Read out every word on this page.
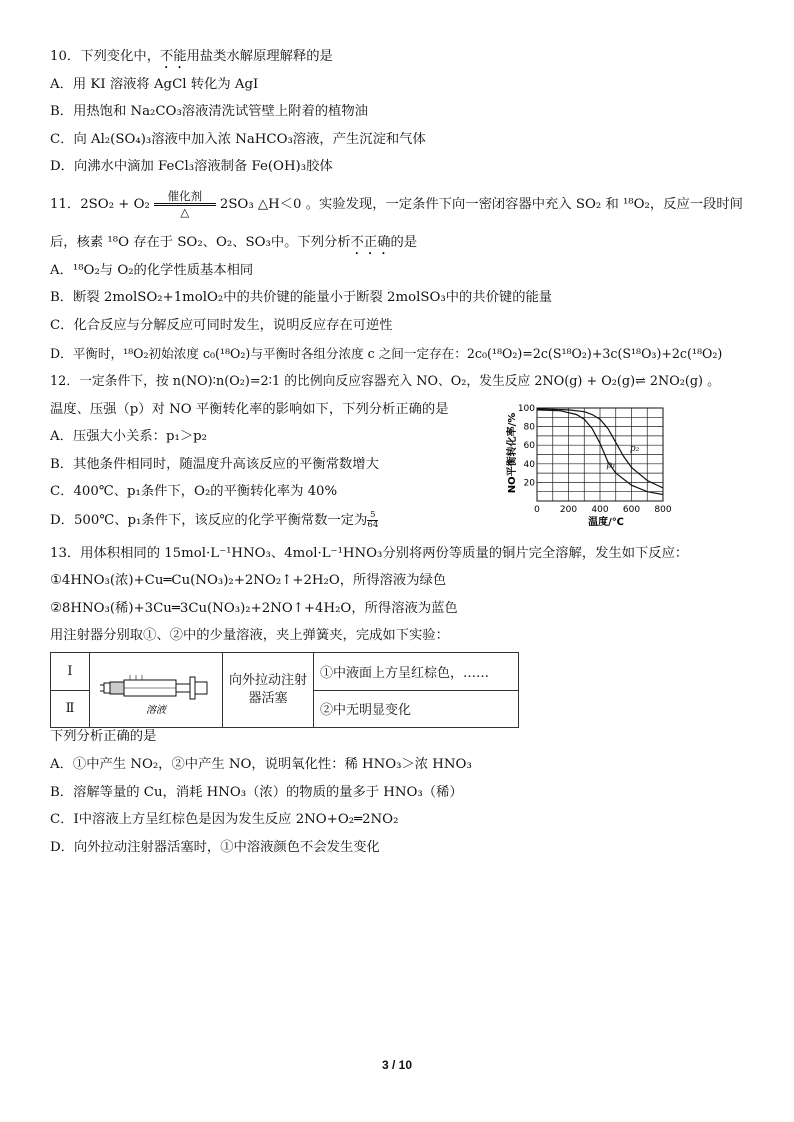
10．下列变化中，不能用盐类水解原理解释的是
A．用 KI 溶液将 AgCl 转化为 AgI
B．用热饱和 Na₂CO₃溶液清洗试管壁上附着的植物油
C．向 Al₂(SO₄)₃溶液中加入浓 NaHCO₃溶液，产生沉淀和气体
D．向沸水中滴加 FeCl₃溶液制备 Fe(OH)₃胶体
11．2SO₂ + O₂
催化剂
△	2SO₃ △H＜0 。实验发现，一定条件下向一密闭容器中充入 SO₂ 和 ¹⁸O₂，反应一段时间
后，核素 ¹⁸O 存在于 SO₂、O₂、SO₃中。下列分析不正确的是
A．¹⁸O₂与 O₂的化学性质基本相同
B．断裂 2molSO₂+1molO₂中的共价键的能量小于断裂 2molSO₃中的共价键的能量
C．化合反应与分解反应可同时发生，说明反应存在可逆性
D．平衡时，¹⁸O₂初始浓度 c₀(¹⁸O₂)与平衡时各组分浓度 c 之间一定存在：2c₀(¹⁸O₂)=2c(S¹⁸O₂)+3c(S¹⁸O₃)+2c(¹⁸O₂)
12．一定条件下，按 n(NO)∶n(O₂)=2∶1 的比例向反应容器充入 NO、O₂，发生反应 2NO(g) + O₂(g)⇌ 2NO₂(g) 。
温度、压强（p）对 NO 平衡转化率的影响如下，下列分析正确的是
A．压强大小关系：p₁＞p₂
B．其他条件相同时，随温度升高该反应的平衡常数增大
C．400℃、p₁条件下，O₂的平衡转化率为 40%
D．500℃、p₁条件下，该反应的化学平衡常数一定为 $\frac{5}{64}$
p₁
p₂
0 200 400 600 800
20
40
60
80
100
NO平衡转化率/%
温度/℃
13．用体积相同的 15mol·L⁻¹HNO₃、4mol·L⁻¹HNO₃分别将两份等质量的铜片完全溶解，发生如下反应：
①4HNO₃(浓)+Cu═Cu(NO₃)₂+2NO₂↑+2H₂O，所得溶液为绿色
②8HNO₃(稀)+3Cu═3Cu(NO₃)₂+2NO↑+4H₂O，所得溶液为蓝色
用注射器分别取①、②中的少量溶液，夹上弹簧夹，完成如下实验：
Ⅰ	溶液	向外拉动注射器活塞	①中液面上方呈红棕色，……
Ⅱ			②中无明显变化
下列分析正确的是
A．①中产生 NO₂，②中产生 NO，说明氧化性：稀 HNO₃＞浓 HNO₃
B．溶解等量的 Cu，消耗 HNO₃（浓）的物质的量多于 HNO₃（稀）
C．Ⅰ中溶液上方呈红棕色是因为发生反应 2NO+O₂═2NO₂
D．向外拉动注射器活塞时，①中溶液颜色不会发生变化
3 / 10
